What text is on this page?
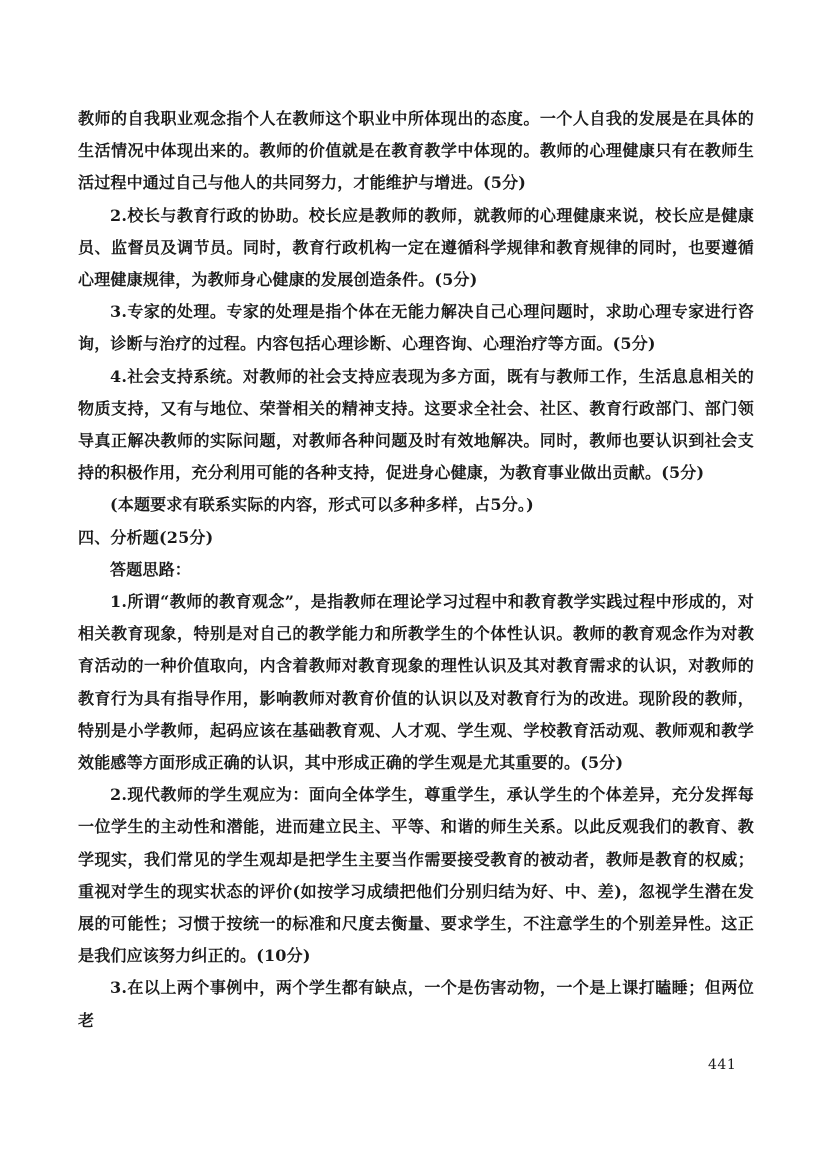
教师的自我职业观念指个人在教师这个职业中所体现出的态度。一个人自我的发展是在具体的生活情况中体现出来的。教师的价值就是在教育教学中体现的。教师的心理健康只有在教师生活过程中通过自己与他人的共同努力，才能维护与增进。(5分)

2.校长与教育行政的协助。校长应是教师的教师，就教师的心理健康来说，校长应是健康员、监督员及调节员。同时，教育行政机构一定在遵循科学规律和教育规律的同时，也要遵循心理健康规律，为教师身心健康的发展创造条件。(5分)

3.专家的处理。专家的处理是指个体在无能力解决自己心理问题时，求助心理专家进行咨询，诊断与治疗的过程。内容包括心理诊断、心理咨询、心理治疗等方面。(5分)

4.社会支持系统。对教师的社会支持应表现为多方面，既有与教师工作，生活息息相关的物质支持，又有与地位、荣誉相关的精神支持。这要求全社会、社区、教育行政部门、部门领导真正解决教师的实际问题，对教师各种问题及时有效地解决。同时，教师也要认识到社会支持的积极作用，充分利用可能的各种支持，促进身心健康，为教育事业做出贡献。(5分)

(本题要求有联系实际的内容，形式可以多种多样，占5分。)

四、分析题(25分)

答题思路：

1.所谓“教师的教育观念”，是指教师在理论学习过程中和教育教学实践过程中形成的，对相关教育现象，特别是对自己的教学能力和所教学生的个体性认识。教师的教育观念作为对教育活动的一种价值取向，内含着教师对教育现象的理性认识及其对教育需求的认识，对教师的教育行为具有指导作用，影响教师对教育价值的认识以及对教育行为的改进。现阶段的教师，特别是小学教师，起码应该在基础教育观、人才观、学生观、学校教育活动观、教师观和教学效能感等方面形成正确的认识，其中形成正确的学生观是尤其重要的。(5分)

2.现代教师的学生观应为：面向全体学生，尊重学生，承认学生的个体差异，充分发挥每一位学生的主动性和潜能，进而建立民主、平等、和谐的师生关系。以此反观我们的教育、教学现实，我们常见的学生观却是把学生主要当作需要接受教育的被动者，教师是教育的权威；重视对学生的现实状态的评价(如按学习成绩把他们分别归结为好、中、差)，忽视学生潜在发展的可能性；习惯于按统一的标准和尺度去衡量、要求学生，不注意学生的个别差异性。这正是我们应该努力纠正的。(10分)

3.在以上两个事例中，两个学生都有缺点，一个是伤害动物，一个是上课打瞌睡；但两位老

441
